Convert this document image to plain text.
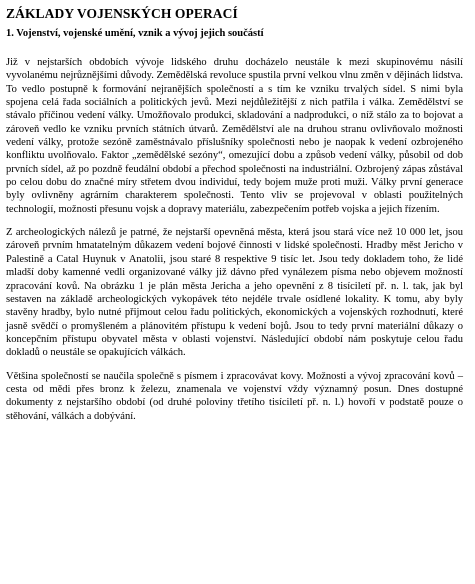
ZÁKLADY VOJENSKÝCH OPERACÍ
1. Vojenství, vojenské umění, vznik a vývoj jejich součástí

Již v nejstarších obdobích vývoje lidského druhu docházelo neustále k mezi skupinovému násilí vyvolanému nejrůznějšími důvody. Zemědělská revoluce spustila první velkou vlnu změn v dějinách lidstva. To vedlo postupně k formování nejranějších společností a s tím ke vzniku trvalých sídel. S nimi byla spojena celá řada sociálních a politických jevů. Mezi nejdůležitější z nich patřila i válka. Zemědělství se stávalo příčinou vedení války. Umožňovalo produkci, skladování a nadprodukci, o níž stálo za to bojovat a zároveň vedlo ke vzniku prvních státních útvarů. Zemědělství ale na druhou stranu ovlivňovalo možnosti vedení války, protože sezóně zaměstnávalo příslušníky společnosti nebo je naopak k vedení ozbrojeného konfliktu uvolňovalo. Faktor „zemědělské sezóny“, omezující dobu a způsob vedení války, působil od dob prvních sídel, až po pozdně feudální období a přechod společnosti na industriální. Ozbrojený zápas zůstával po celou dobu do značné míry střetem dvou individuí, tedy bojem muže proti muži. Války první generace byly ovlivněny agrárním charakterem společnosti. Tento vliv se projevoval v oblasti použitelných technologií, možnosti přesunu vojsk a dopravy materiálu, zabezpečením potřeb vojska a jejich řízením.

Z archeologických nálezů je patrné, že nejstarší opevněná města, která jsou stará více než 10 000 let, jsou zároveň prvním hmatatelným důkazem vedení bojové činnosti v lidské společnosti. Hradby měst Jericho v Palestině a Catal Huynuk v Anatolii, jsou staré 8 respektive 9 tisíc let. Jsou tedy dokladem toho, že lidé mladší doby kamenné vedli organizované války již dávno před vynálezem písma nebo objevem možností zpracování kovů. Na obrázku 1 je plán města Jericha a jeho opevnění z 8 tisíciletí př. n. l. tak, jak byl sestaven na základě archeologických vykopávek této nejdéle trvale osídlené lokality. K tomu, aby byly stavěny hradby, bylo nutné přijmout celou řadu politických, ekonomických a vojenských rozhodnutí, které jasně svědčí o promyšleném a plánovitém přístupu k vedení bojů. Jsou to tedy první materiální důkazy o koncepčním přístupu obyvatel města v oblasti vojenství. Následující období nám poskytuje celou řadu dokladů o neustále se opakujících válkách.

Většina společností se naučila společně s písmem i zpracovávat kovy. Možnosti a vývoj zpracování kovů – cesta od mědi přes bronz k železu, znamenala ve vojenství vždy významný posun. Dnes dostupné dokumenty z nejstaršího období (od druhé poloviny třetího tisíciletí př. n. l.) hovoří v podstatě pouze o stěhování, válkách a dobývání.
